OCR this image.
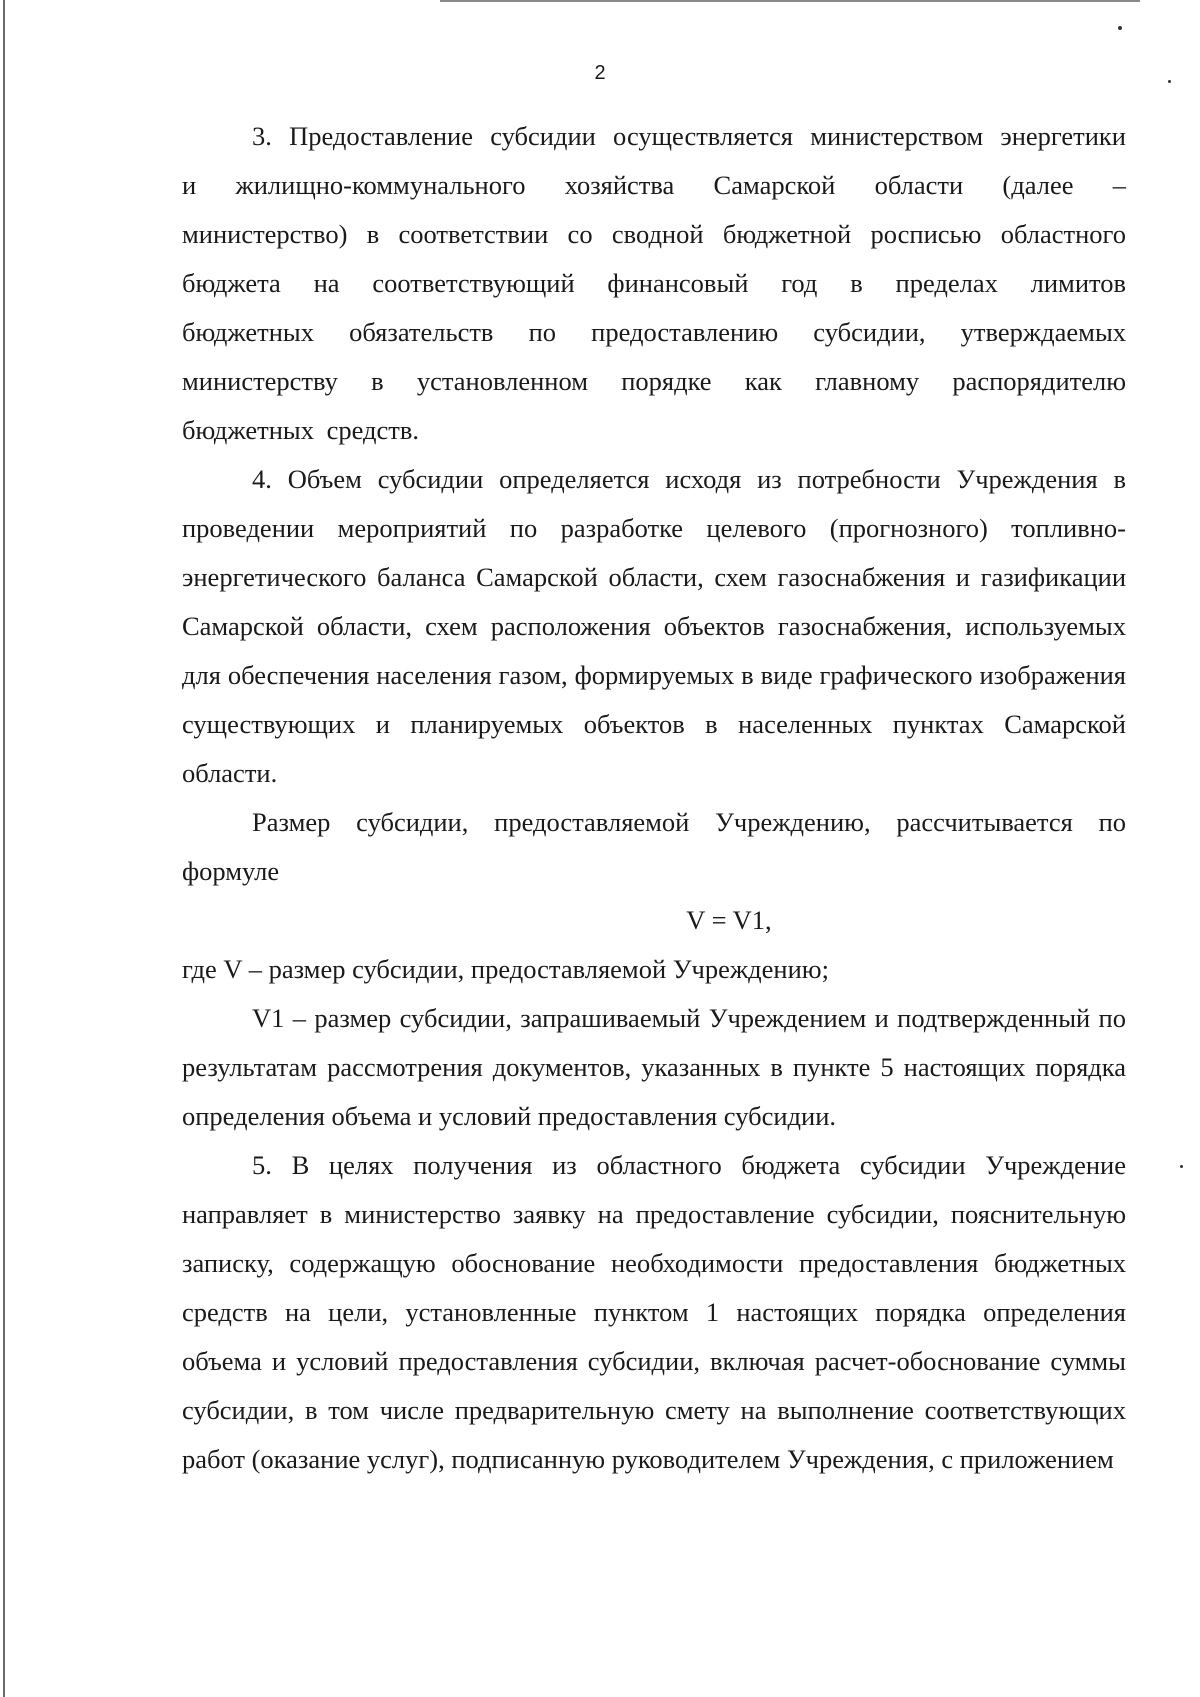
2

3. Предоставление субсидии осуществляется министерством энергетики и жилищно-коммунального хозяйства Самарской области (далее – министерство) в соответствии со сводной бюджетной росписью областного бюджета на соответствующий финансовый год в пределах лимитов бюджетных обязательств по предоставлению субсидии, утверждаемых министерству в установленном порядке как главному распорядителю бюджетных средств.

4. Объем субсидии определяется исходя из потребности Учреждения в проведении мероприятий по разработке целевого (прогнозного) топливно-энергетического баланса Самарской области, схем газоснабжения и газификации Самарской области, схем расположения объектов газоснабжения, используемых для обеспечения населения газом, формируемых в виде графического изображения существующих и планируемых объектов в населенных пунктах Самарской области.

Размер субсидии, предоставляемой Учреждению, рассчитывается по формуле

V = V1,

где V – размер субсидии, предоставляемой Учреждению;

V1 – размер субсидии, запрашиваемый Учреждением и подтвержденный по результатам рассмотрения документов, указанных в пункте 5 настоящих порядка определения объема и условий предоставления субсидии.

5. В целях получения из областного бюджета субсидии Учреждение направляет в министерство заявку на предоставление субсидии, пояснительную записку, содержащую обоснование необходимости предоставления бюджетных средств на цели, установленные пунктом 1 настоящих порядка определения объема и условий предоставления субсидии, включая расчет-обоснование суммы субсидии, в том числе предварительную смету на выполнение соответствующих работ (оказание услуг), подписанную руководителем Учреждения, с приложением
